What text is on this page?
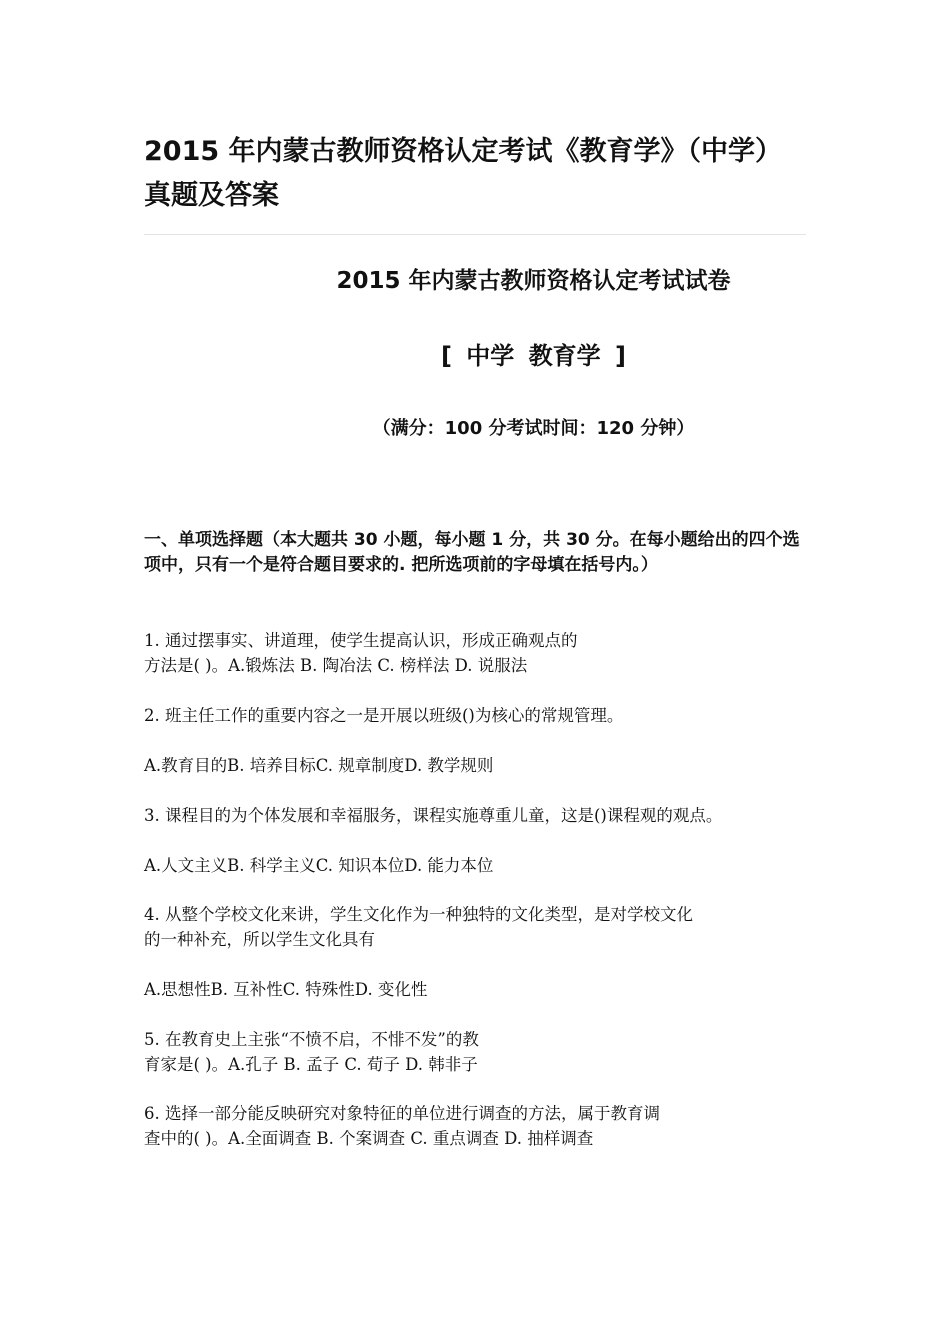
2015 年内蒙古教师资格认定考试《教育学》（中学）真题及答案

2015 年内蒙古教师资格认定考试试卷

[ 中学 教育学 ]

（满分：100 分考试时间：120 分钟）

一、单项选择题（本大题共 30 小题，每小题 1 分，共 30 分。在每小题给出的四个选项中，只有一个是符合题目要求的. 把所选项前的字母填在括号内。）

1. 通过摆事实、讲道理，使学生提高认识，形成正确观点的
方法是( )。A.锻炼法 B. 陶冶法 C. 榜样法 D. 说服法

2. 班主任工作的重要内容之一是开展以班级()为核心的常规管理。

A.教育目的B. 培养目标C. 规章制度D. 教学规则

3. 课程目的为个体发展和幸福服务，课程实施尊重儿童，这是()课程观的观点。

A.人文主义B. 科学主义C. 知识本位D. 能力本位

4. 从整个学校文化来讲，学生文化作为一种独特的文化类型，是对学校文化
的一种补充，所以学生文化具有

A.思想性B. 互补性C. 特殊性D. 变化性

5. 在教育史上主张“不愤不启，不悱不发”的教
育家是( )。A.孔子 B. 孟子 C. 荀子 D. 韩非子

6. 选择一部分能反映研究对象特征的单位进行调查的方法，属于教育调
查中的( )。A.全面调查 B. 个案调查 C. 重点调查 D. 抽样调查
